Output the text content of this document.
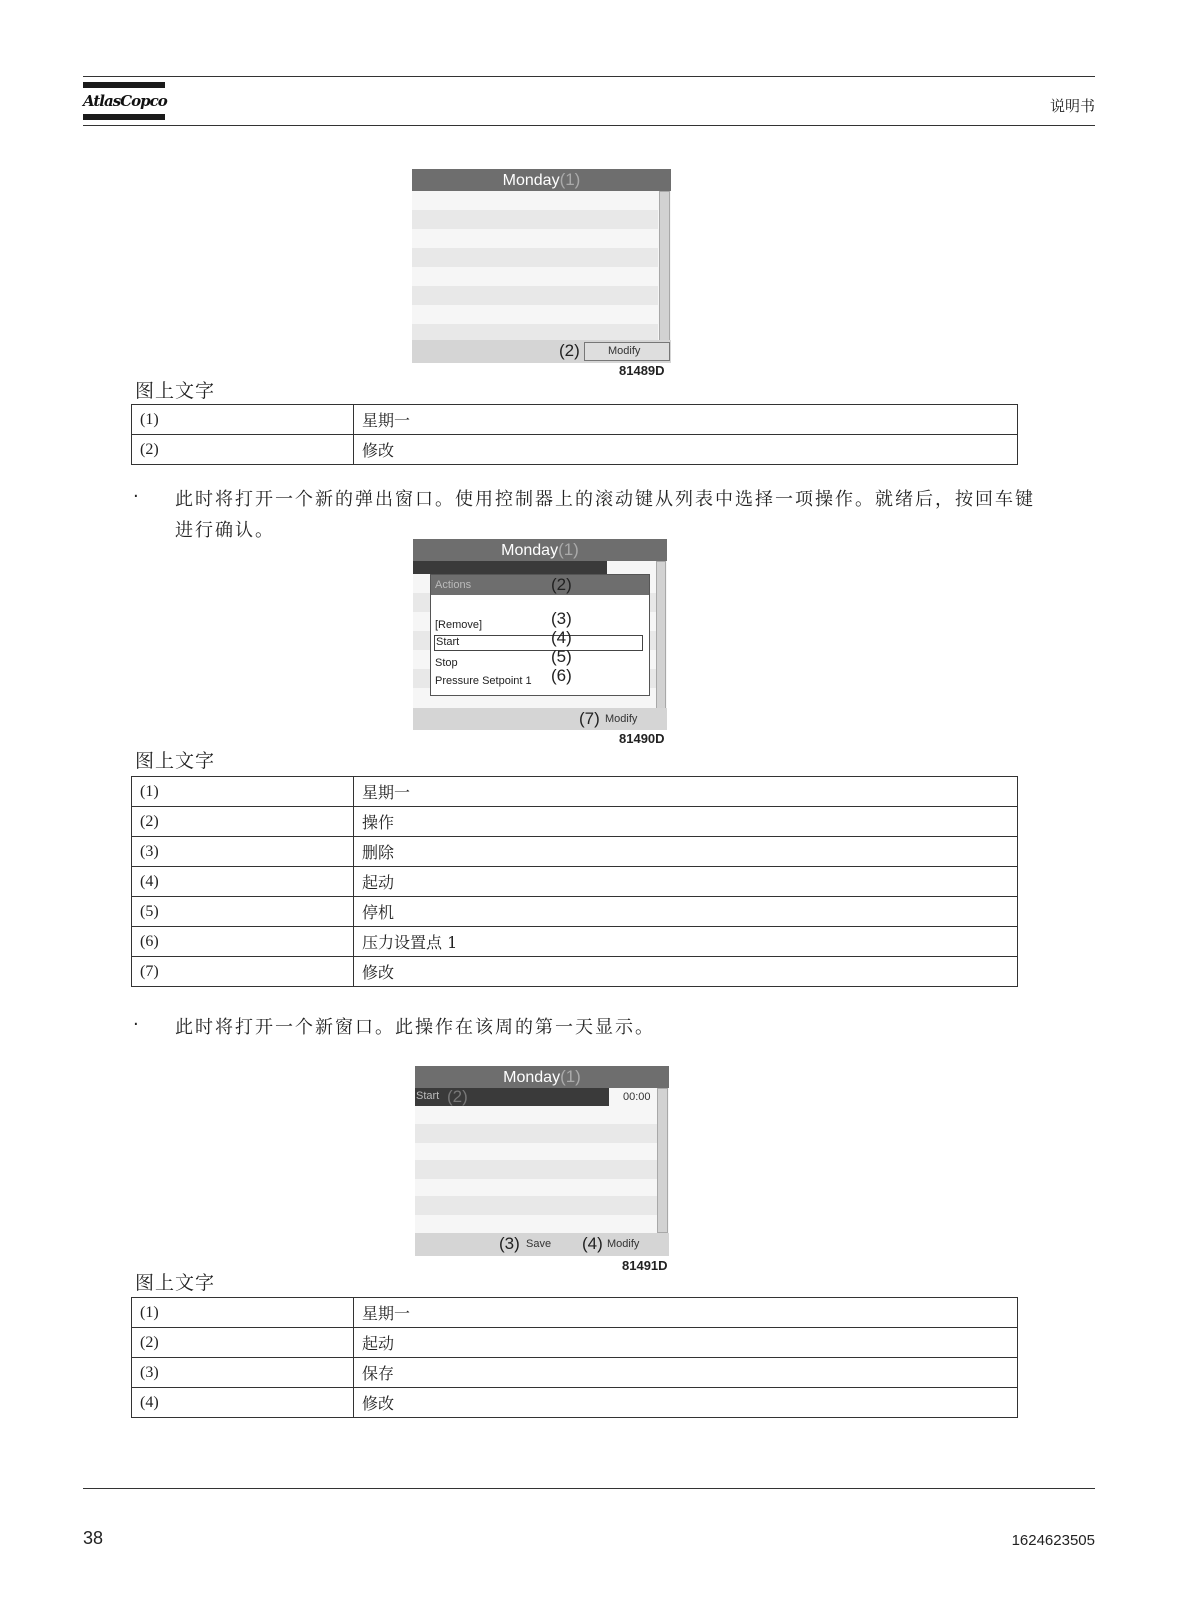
AtlasCopco	说明书
Monday(1)
(2)	Modify
81489D
图上文字
(1)	星期一
(2)	修改
· 此时将打开一个新的弹出窗口。使用控制器上的滚动键从列表中选择一项操作。就绪后，按回车键进行确认。
Monday(1)
Actions	(2)
[Remove]	(3)
Start	(4)
Stop	(5)
Pressure Setpoint 1 (6)
(7) Modify
81490D
图上文字
(1)	星期一
(2)	操作
(3)	删除
(4)	起动
(5)	停机
(6)	压力设置点 1
(7)	修改
· 此时将打开一个新窗口。此操作在该周的第一天显示。
Monday(1)
Start (2)	00:00
(3) Save (4) Modify
81491D
图上文字
(1)	星期一
(2)	起动
(3)	保存
(4)	修改
38	1624623505
